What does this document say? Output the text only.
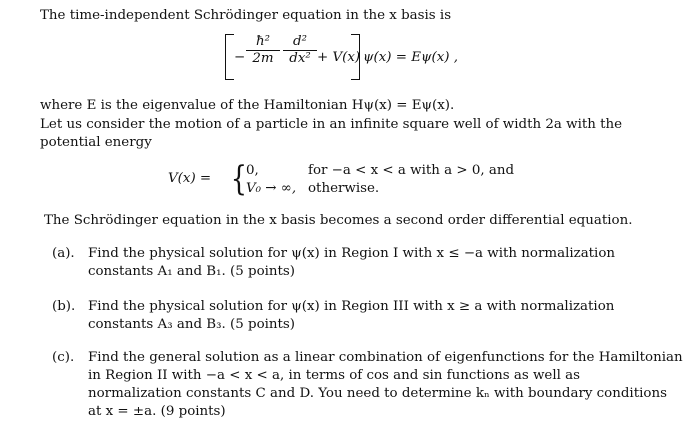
The time-independent Schrödinger equation in the x basis is
− $\frac{\text{ħ²}}{2m} \frac{\text{d²}}{\text{dx²}} + V(x) \psi(x) = E\psi(x)$ ,
where E is the eigenvalue of the Hamiltonian Hψ(x) = Eψ(x).
Let us consider the motion of a particle in an infinite square well of width 2a with the
potential energy
V(x) = { 0,	for −a < x < a with a > 0, and
V₀ → ∞, otherwise.
The Schrödinger equation in the x basis becomes a second order differential equation.
(a). Find the physical solution for ψ(x) in Region I with x ≤ −a with normalization
constants A₁ and B₁. (5 points)
(b). Find the physical solution for ψ(x) in Region III with x ≥ a with normalization
constants A₃ and B₃. (5 points)
(c). Find the general solution as a linear combination of eigenfunctions for the Hamiltonian
in Region II with −a < x < a, in terms of cos and sin functions as well as
normalization constants C and D. You need to determine kₙ with boundary conditions
at x = ±a. (9 points)
